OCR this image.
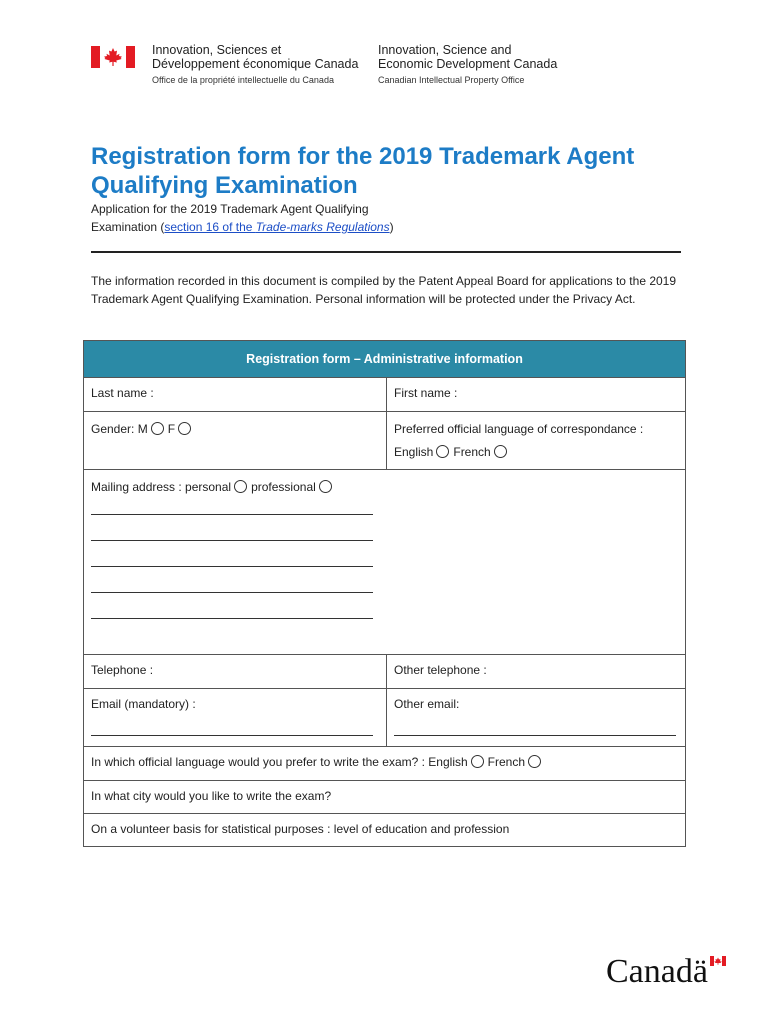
Innovation, Sciences et
Développement économique Canada
Office de la propriété intellectuelle du Canada
Innovation, Science and
Economic Development Canada
Canadian Intellectual Property Office
Registration form for the 2019 Trademark Agent
Qualifying Examination
Application for the 2019 Trademark Agent Qualifying Examination (section 16 of the Trade-marks Regulations)
The information recorded in this document is compiled by the Patent Appeal Board for applications to the 2019 Trademark Agent Qualifying Examination. Personal information will be protected under the Privacy Act.
Registration form – Administrative information
Last name :	First name :
Gender: M F	Preferred official language of correspondance :
English French
Mailing address : personal professional
Telephone :	Other telephone :
Email (mandatory) :	Other email:
In which official language would you prefer to write the exam? : English French
In what city would you like to write the exam?
On a volunteer basis for statistical purposes : level of education and profession
Canadä
